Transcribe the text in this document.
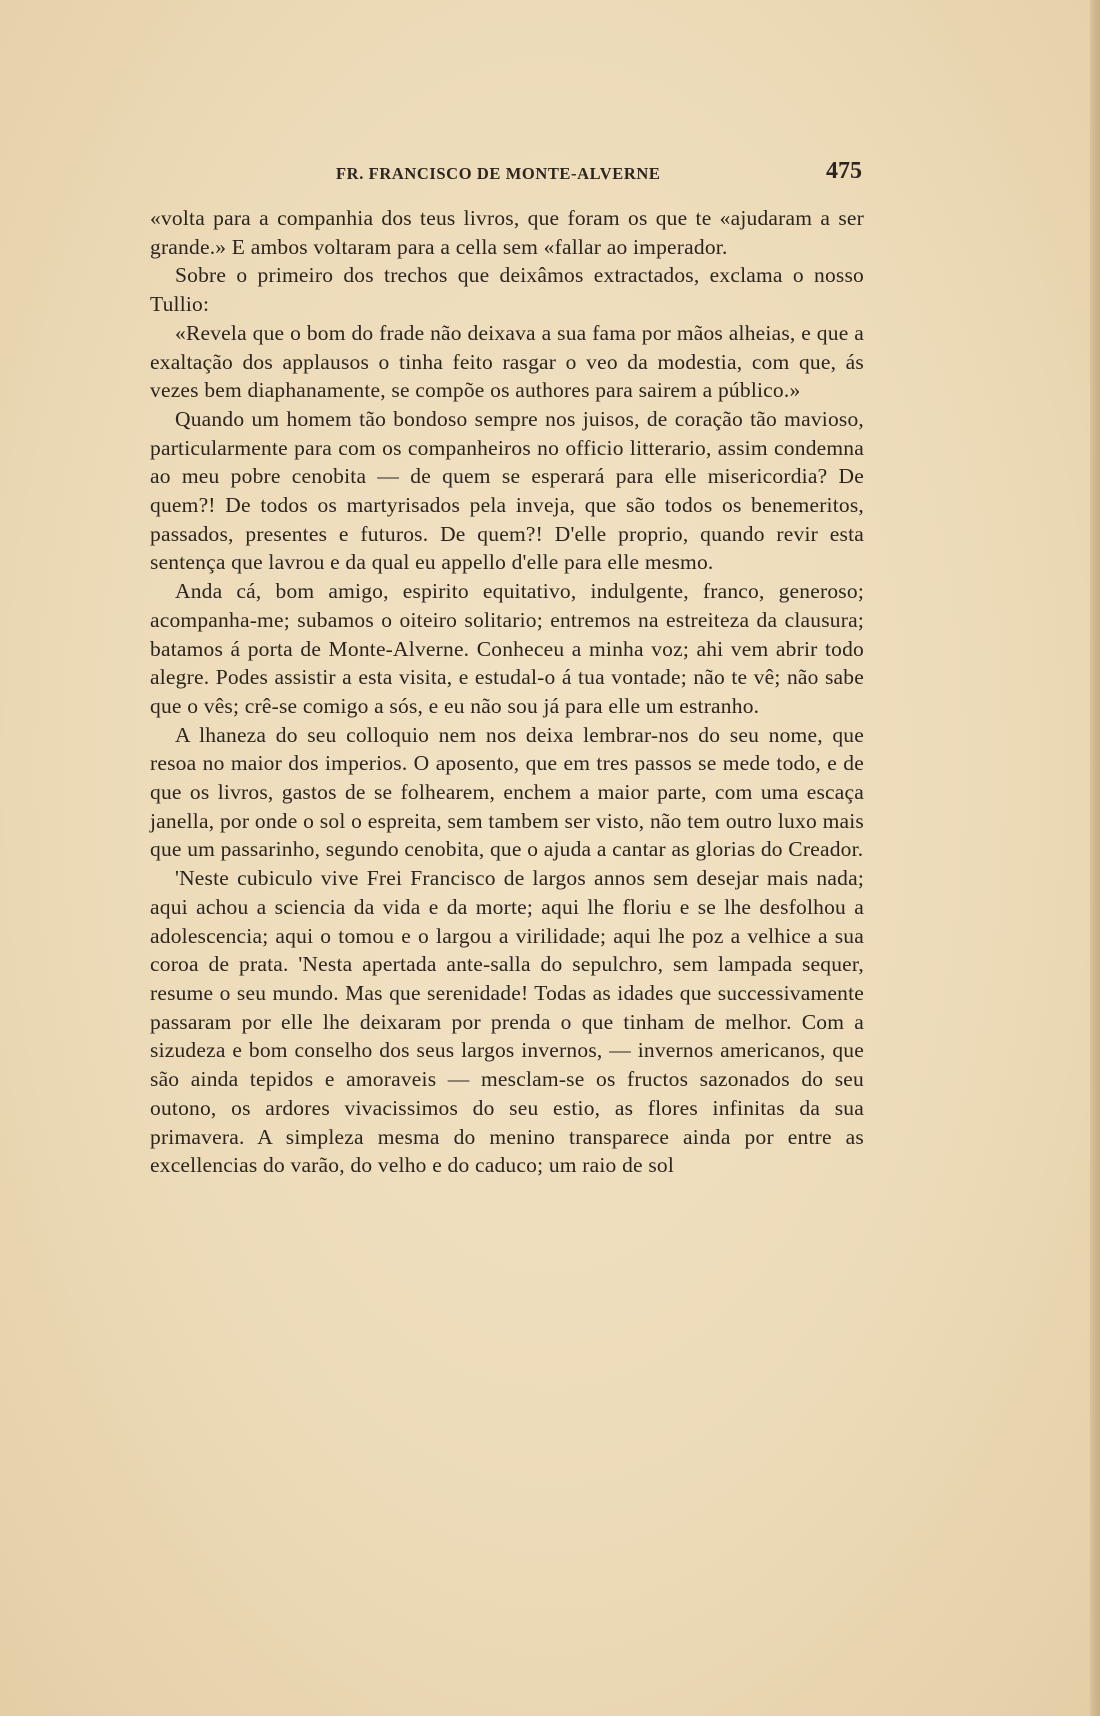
FR. FRANCISCO DE MONTE-ALVERNE	475

«volta para a companhia dos teus livros, que foram os que te «ajudaram a ser grande.» E ambos voltaram para a cella sem «fallar ao imperador.

Sobre o primeiro dos trechos que deixâmos extractados, exclama o nosso Tullio:

«Revela que o bom do frade não deixava a sua fama por mãos alheias, e que a exaltação dos applausos o tinha feito rasgar o veo da modestia, com que, ás vezes bem diaphanamente, se compõe os authores para sairem a público.»

Quando um homem tão bondoso sempre nos juisos, de coração tão mavioso, particularmente para com os companheiros no officio litterario, assim condemna ao meu pobre cenobita — de quem se esperará para elle misericordia? De quem?! De todos os martyrisados pela inveja, que são todos os benemeritos, passados, presentes e futuros. De quem?! D'elle proprio, quando revir esta sentença que lavrou e da qual eu appello d'elle para elle mesmo.

Anda cá, bom amigo, espirito equitativo, indulgente, franco, generoso; acompanha-me; subamos o oiteiro solitario; entremos na estreiteza da clausura; batamos á porta de Monte-Alverne. Conheceu a minha voz; ahi vem abrir todo alegre. Podes assistir a esta visita, e estudal-o á tua vontade; não te vê; não sabe que o vês; crê-se comigo a sós, e eu não sou já para elle um estranho.

A lhaneza do seu colloquio nem nos deixa lembrar-nos do seu nome, que resoa no maior dos imperios. O aposento, que em tres passos se mede todo, e de que os livros, gastos de se folhearem, enchem a maior parte, com uma escaça janella, por onde o sol o espreita, sem tambem ser visto, não tem outro luxo mais que um passarinho, segundo cenobita, que o ajuda a cantar as glorias do Creador.

'Neste cubiculo vive Frei Francisco de largos annos sem desejar mais nada; aqui achou a sciencia da vida e da morte; aqui lhe floriu e se lhe desfolhou a adolescencia; aqui o tomou e o largou a virilidade; aqui lhe poz a velhice a sua coroa de prata. 'Nesta apertada ante-salla do sepulchro, sem lampada sequer, resume o seu mundo. Mas que serenidade! Todas as idades que successivamente passaram por elle lhe deixaram por prenda o que tinham de melhor. Com a sizudeza e bom conselho dos seus largos invernos, — invernos americanos, que são ainda tepidos e amoraveis — mesclam-se os fructos sazonados do seu outono, os ardores vivacissimos do seu estio, as flores infinitas da sua primavera. A simpleza mesma do menino transparece ainda por entre as excellencias do varão, do velho e do caduco; um raio de sol
